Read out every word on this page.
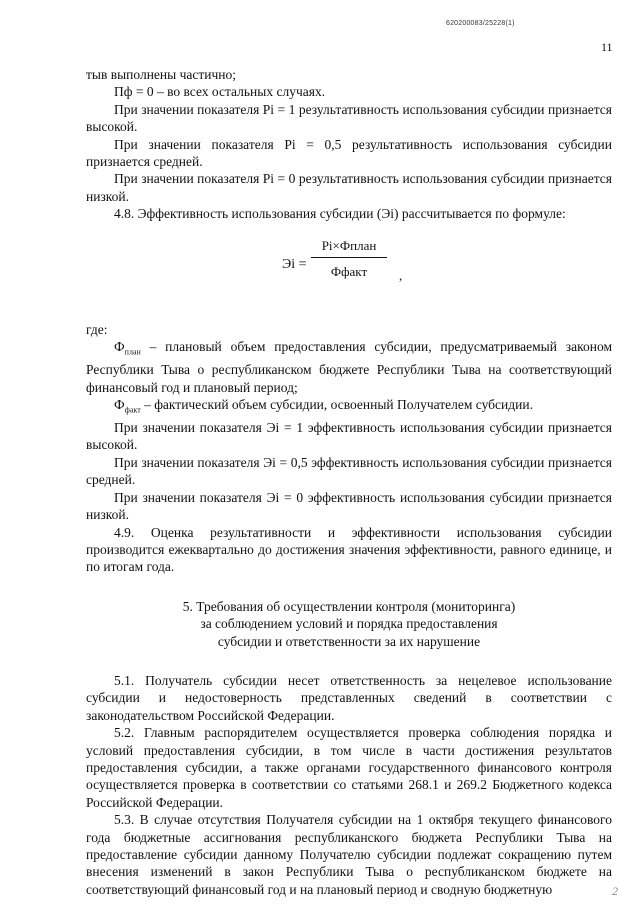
620200083/25228(1)
11

тыв выполнены частично;

Пф = 0 – во всех остальных случаях.

При значении показателя Pi = 1 результативность использования субсидии признается высокой.

При значении показателя Pi = 0,5 результативность использования субсидии признается средней.

При значении показателя Pi = 0 результативность использования субсидии признается низкой.

4.8. Эффективность использования субсидии (Эi) рассчитывается по формуле:

Эi =
Pi×Фплан
Ффакт	,

где:

$Ф_{план}$ – плановый объем предоставления субсидии, предусматриваемый законом Республики Тыва о республиканском бюджете Республики Тыва на соответствующий финансовый год и плановый период;

$Ф_{факт}$ – фактический объем субсидии, освоенный Получателем субсидии.

При значении показателя Эi = 1 эффективность использования субсидии признается высокой.

При значении показателя Эi = 0,5 эффективность использования субсидии признается средней.

При значении показателя Эi = 0 эффективность использования субсидии признается низкой.

4.9. Оценка результативности и эффективности использования субсидии производится ежеквартально до достижения значения эффективности, равного единице, и по итогам года.

5. Требования об осуществлении контроля (мониторинга)
за соблюдением условий и порядка предоставления
субсидии и ответственности за их нарушение

5.1. Получатель субсидии несет ответственность за нецелевое использование субсидии и недостоверность представленных сведений в соответствии с законодательством Российской Федерации.

5.2. Главным распорядителем осуществляется проверка соблюдения порядка и условий предоставления субсидии, в том числе в части достижения результатов предоставления субсидии, а также органами государственного финансового контроля осуществляется проверка в соответствии со статьями 268.1 и 269.2 Бюджетного кодекса Российской Федерации.

5.3. В случае отсутствия Получателя субсидии на 1 октября текущего финансового года бюджетные ассигнования республиканского бюджета Республики Тыва на предоставление субсидии данному Получателю субсидии подлежат сокращению путем внесения изменений в закон Республики Тыва о республиканском бюджете на соответствующий финансовый год и на плановый период и сводную бюджетную	2
